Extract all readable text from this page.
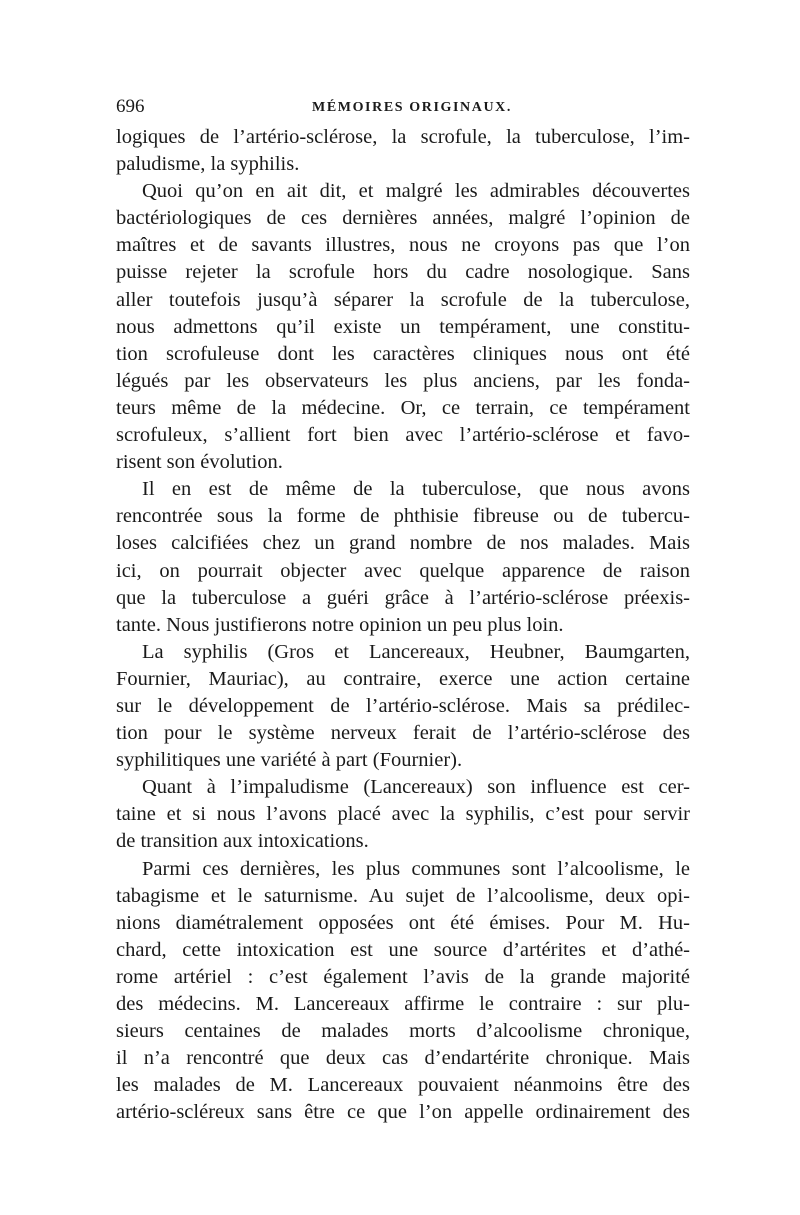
696	MÉMOIRES ORIGINAUX.
logiques de l’artério-sclérose, la scrofule, la tuberculose, l’im-
paludisme, la syphilis.
Quoi qu’on en ait dit, et malgré les admirables découvertes
bactériologiques de ces dernières années, malgré l’opinion de
maîtres et de savants illustres, nous ne croyons pas que l’on
puisse rejeter la scrofule hors du cadre nosologique. Sans
aller toutefois jusqu’à séparer la scrofule de la tuberculose,
nous admettons qu’il existe un tempérament, une constitu-
tion scrofuleuse dont les caractères cliniques nous ont été
légués par les observateurs les plus anciens, par les fonda-
teurs même de la médecine. Or, ce terrain, ce tempérament
scrofuleux, s’allient fort bien avec l’artério-sclérose et favo-
risent son évolution.
Il en est de même de la tuberculose, que nous avons
rencontrée sous la forme de phthisie fibreuse ou de tubercu-
loses calcifiées chez un grand nombre de nos malades. Mais
ici, on pourrait objecter avec quelque apparence de raison
que la tuberculose a guéri grâce à l’artério-sclérose préexis-
tante. Nous justifierons notre opinion un peu plus loin.
La syphilis (Gros et Lancereaux, Heubner, Baumgarten,
Fournier, Mauriac), au contraire, exerce une action certaine
sur le développement de l’artério-sclérose. Mais sa prédilec-
tion pour le système nerveux ferait de l’artério-sclérose des
syphilitiques une variété à part (Fournier).
Quant à l’impaludisme (Lancereaux) son influence est cer-
taine et si nous l’avons placé avec la syphilis, c’est pour servir
de transition aux intoxications.
Parmi ces dernières, les plus communes sont l’alcoolisme, le
tabagisme et le saturnisme. Au sujet de l’alcoolisme, deux opi-
nions diamétralement opposées ont été émises. Pour M. Hu-
chard, cette intoxication est une source d’artérites et d’athé-
rome artériel : c’est également l’avis de la grande majorité
des médecins. M. Lancereaux affirme le contraire : sur plu-
sieurs centaines de malades morts d’alcoolisme chronique,
il n’a rencontré que deux cas d’endartérite chronique. Mais
les malades de M. Lancereaux pouvaient néanmoins être des
artério-scléreux sans être ce que l’on appelle ordinairement des
